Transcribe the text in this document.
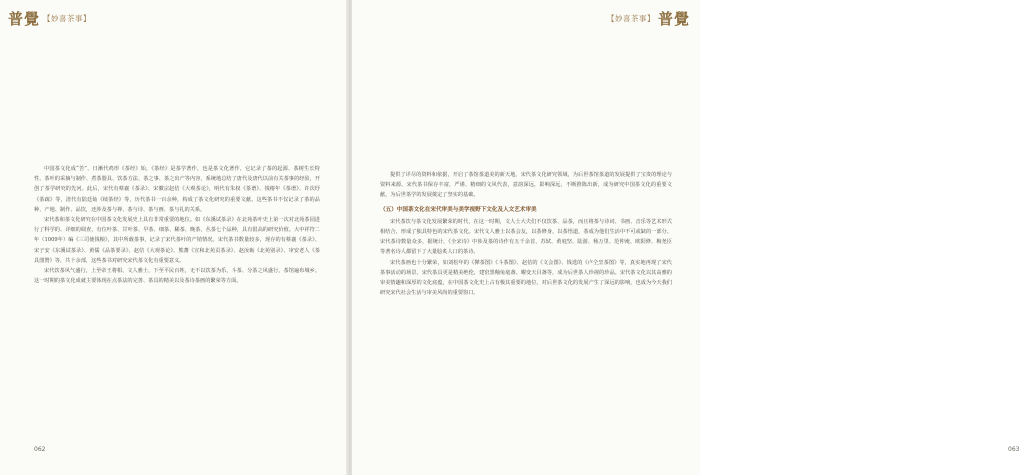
普覺 【妙喜茶事】

中国茶文化成“苦”、日漸代鸡形《茶经》始，《茶经》是茶学著作，也是茶文化著作，它记录了茶的起源、茶树生长特性、茶叶的采摘与制作、煮茶器具、饮茶方法、茶之事、茶之出产等内容，系统地总结了唐代及唐代以前有关茶事的经验，开创了茶学研究的先河。此后，宋代有蔡襄《茶录》、宋徽宗赵佶《大观茶论》，明代有朱权《茶谱》、钱椿年《茶谱》、许次纾《茶疏》等，清代有陆廷灿《续茶经》等，历代茶书一百余种，构成了茶文化研究的重要文献。这些茶书不仅记录了茶的品种、产地、制作、品饮，还涉及茶与禅、茶与诗、茶与画、茶与礼的关系。

宋代茶和茶文化研究在中国茶文化发展史上具有非常重要的地位。如《东溪试茶录》在北苑茶叶史上第一次对北苑茶园进行了科学的、详细的调查，有位叶茶、甘叶茶、早茶、细茶、稀茶、晚茶、丛茶七个品种，具有很高的研究价值。大中祥符二年（1009年）编《三司使钱粮》，其中所载茶事，记录了宋代茶叶的产销情况。宋代茶书数量较多，现存的有蔡襄《茶录》、宋子安《东溪试茶录》、黄儒《品茶要录》、赵佶《大观茶论》、熊蕃《宣和北苑贡茶录》、赵汝砺《北苑别录》、审安老人《茶具图赞》等，共十余部，这些茶书对研究宋代茶文化有重要意义。

宋代饮茶风气盛行，上至帝王将相、文人雅士，下至平民百姓，无不以饮茶为乐，斗茶、分茶之风盛行，茶馆遍布城乡。这一时期的茶文化成就主要体现在点茶法的完善、茶具的精美以及茶诗茶画的繁荣等方面。

062
【妙喜茶事】 普覺
063

提供了详尽的资料和依据，开启了茶馆茶道美的新天地。宋代茶文化研究领域，为后世茶馆茶道的发展提供了宝贵的理论与资料来源。宋代茶书保存丰富，严谨、精细的文风代表，意韵深远，影响深远，不断推陈出新，成为研究中国茶文化的重要文献，为后世茶学的发展奠定了坚实的基础。

（五）中国茶文化在宋代审美与美学视野下文化及人文艺术审美

宋代茶饮与茶文化发展繁荣的时代，在这一时期，文人士大夫们不仅饮茶、品茶，而且将茶与诗词、书画、音乐等艺术形式相结合，形成了独具特色的宋代茶文化。宋代文人雅士以茶会友，以茶修身，以茶悟道，茶成为他们生活中不可或缺的一部分。宋代茶诗数量众多，据统计，《全宋诗》中涉及茶的诗作有五千余首，苏轼、黄庭坚、陆游、杨万里、范仲淹、欧阳修、梅尧臣等著名诗人都留下了大量脍炙人口的茶诗。

宋代茶画也十分繁荣，如刘松年的《撵茶图》《斗茶图》、赵佶的《文会图》、钱选的《卢仝烹茶图》等，真实地再现了宋代茶事活动的场景。宋代茶具更是精美绝伦，建窑黑釉兔毫盏、曜变天目盏等，成为后世茶人珍视的珍品。宋代茶文化以其高雅的审美情趣和深厚的文化底蕴，在中国茶文化史上占有极其重要的地位，对后世茶文化的发展产生了深远的影响，也成为今天我们研究宋代社会生活与审美风尚的重要窗口。
